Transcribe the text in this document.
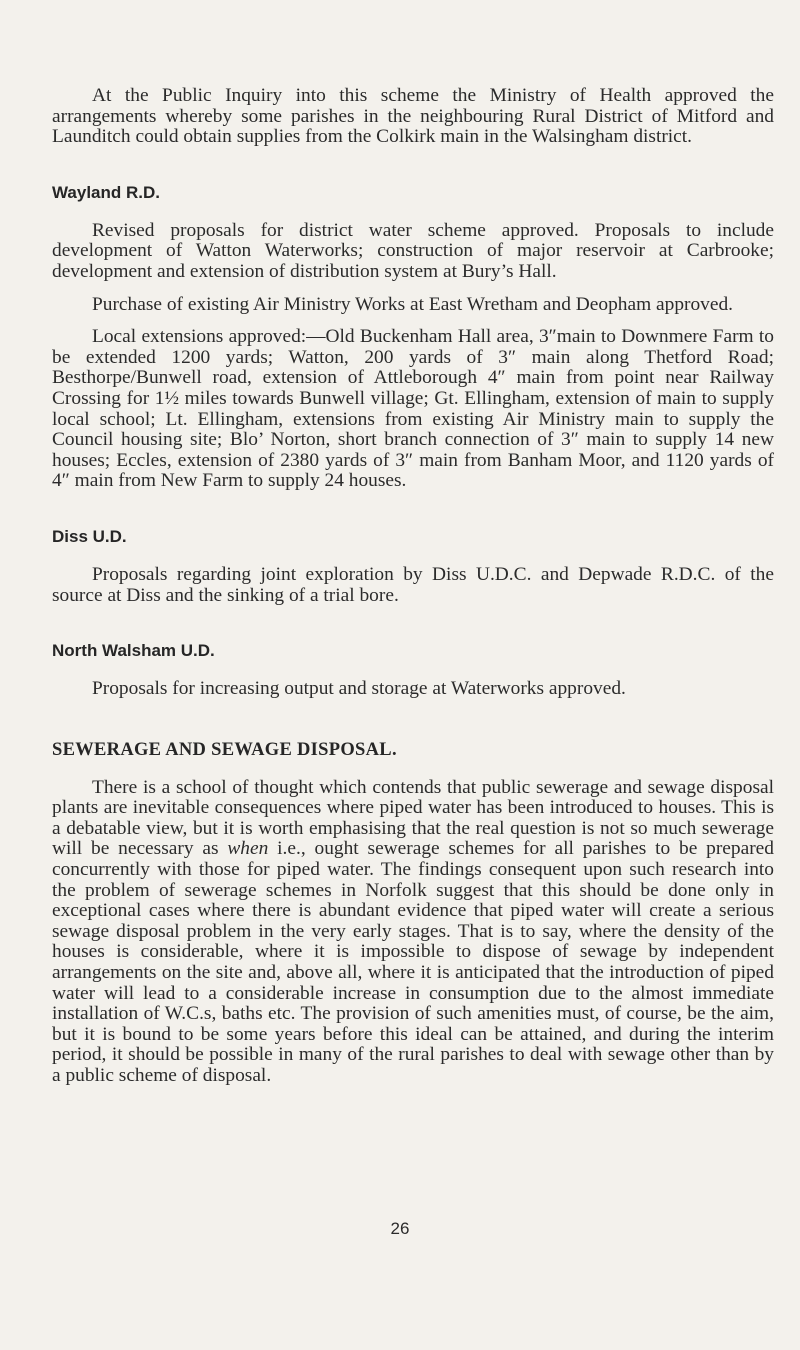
At the Public Inquiry into this scheme the Ministry of Health approved the arrangements whereby some parishes in the neighbouring Rural District of Mitford and Launditch could obtain supplies from the Colkirk main in the Walsingham district.

Wayland R.D.

Revised proposals for district water scheme approved. Proposals to include development of Watton Waterworks; construction of major reservoir at Carbrooke; development and extension of distribution system at Bury’s Hall.

Purchase of existing Air Ministry Works at East Wretham and Deopham approved.

Local extensions approved:—Old Buckenham Hall area, 3″main to Downmere Farm to be extended 1200 yards; Watton, 200 yards of 3″ main along Thetford Road; Besthorpe/Bunwell road, extension of Attleborough 4″ main from point near Railway Crossing for 1½ miles towards Bunwell village; Gt. Ellingham, extension of main to supply local school; Lt. Ellingham, extensions from existing Air Ministry main to supply the Council housing site; Blo’ Norton, short branch connection of 3″ main to supply 14 new houses; Eccles, extension of 2380 yards of 3″ main from Banham Moor, and 1120 yards of 4″ main from New Farm to supply 24 houses.

Diss U.D.

Proposals regarding joint exploration by Diss U.D.C. and Depwade R.D.C. of the source at Diss and the sinking of a trial bore.

North Walsham U.D.

Proposals for increasing output and storage at Waterworks approved.

SEWERAGE AND SEWAGE DISPOSAL.

There is a school of thought which contends that public sewerage and sewage disposal plants are inevitable consequences where piped water has been introduced to houses. This is a debatable view, but it is worth emphasising that the real question is not so much sewerage will be necessary as when i.e., ought sewerage schemes for all parishes to be prepared concurrently with those for piped water. The findings consequent upon such research into the problem of sewerage schemes in Norfolk suggest that this should be done only in exceptional cases where there is abundant evidence that piped water will create a serious sewage disposal problem in the very early stages. That is to say, where the density of the houses is considerable, where it is impossible to dispose of sewage by independent arrangements on the site and, above all, where it is anticipated that the introduction of piped water will lead to a considerable increase in consumption due to the almost immediate installation of W.C.s, baths etc. The provision of such amenities must, of course, be the aim, but it is bound to be some years before this ideal can be attained, and during the interim period, it should be possible in many of the rural parishes to deal with sewage other than by a public scheme of disposal.

26
